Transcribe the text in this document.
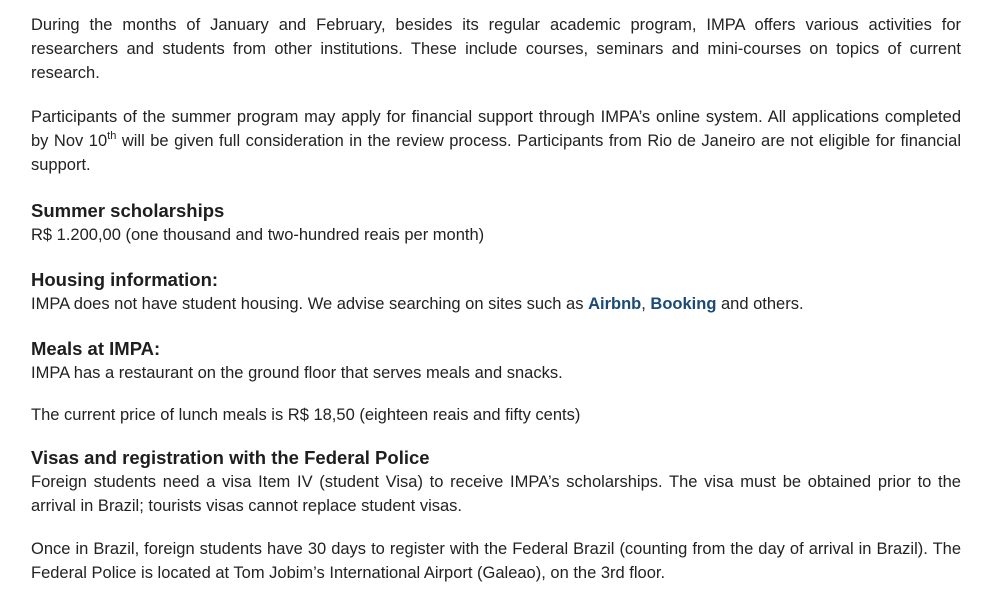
During the months of January and February, besides its regular academic program, IMPA offers various activities for researchers and students from other institutions. These include courses, seminars and mini-courses on topics of current research.

Participants of the summer program may apply for financial support through IMPA’s online system. All applications completed by Nov 10th will be given full consideration in the review process. Participants from Rio de Janeiro are not eligible for financial support.

Summer scholarships

R$ 1.200,00 (one thousand and two-hundred reais per month)

Housing information:

IMPA does not have student housing. We advise searching on sites such as Airbnb, Booking and others.

Meals at IMPA:

IMPA has a restaurant on the ground floor that serves meals and snacks.

The current price of lunch meals is R$ 18,50 (eighteen reais and fifty cents)

Visas and registration with the Federal Police

Foreign students need a visa Item IV (student Visa) to receive IMPA’s scholarships. The visa must be obtained prior to the arrival in Brazil; tourists visas cannot replace student visas.

Once in Brazil, foreign students have 30 days to register with the Federal Brazil (counting from the day of arrival in Brazil). The Federal Police is located at Tom Jobim’s International Airport (Galeao), on the 3rd floor.
